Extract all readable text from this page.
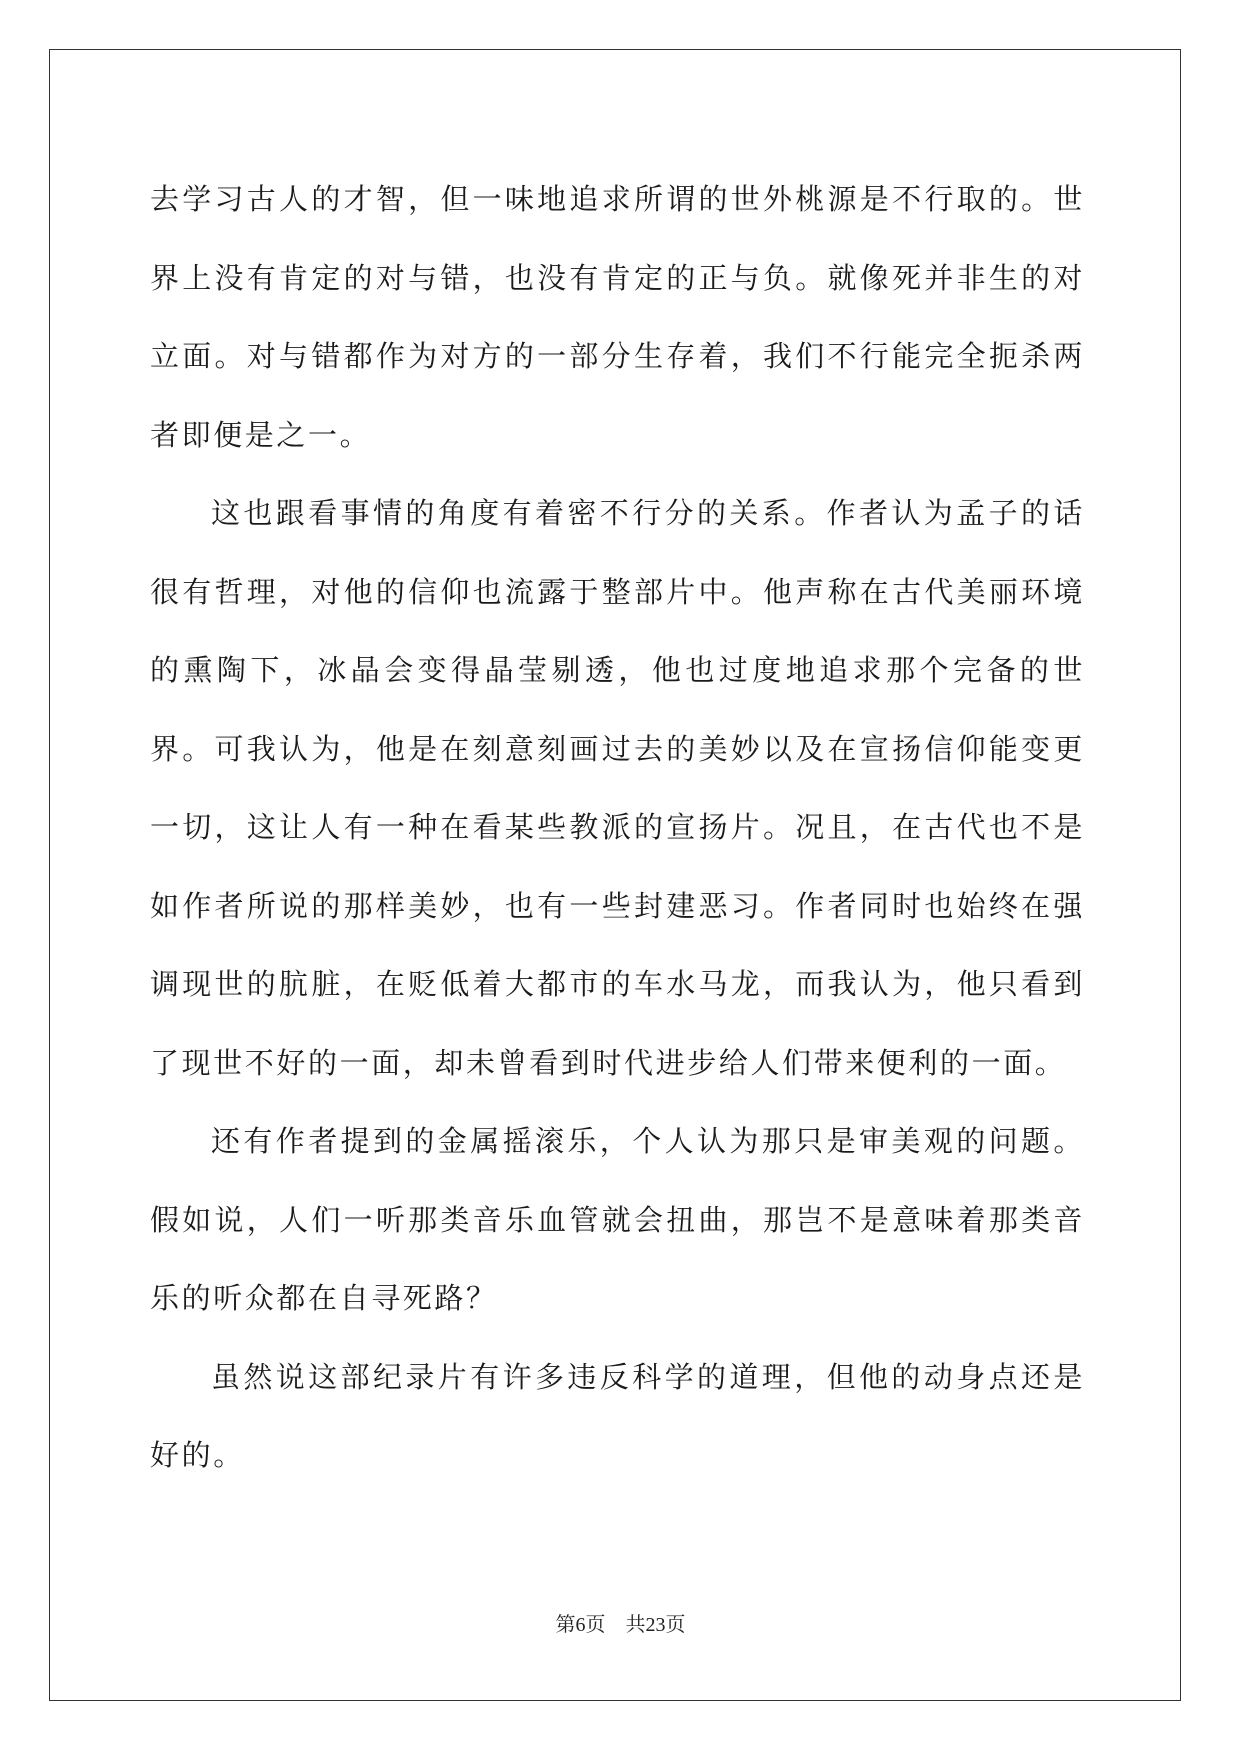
去学习古人的才智，但一味地追求所谓的世外桃源是不行取的。世界上没有肯定的对与错，也没有肯定的正与负。就像死并非生的对立面。对与错都作为对方的一部分生存着，我们不行能完全扼杀两者即便是之一。

这也跟看事情的角度有着密不行分的关系。作者认为孟子的话很有哲理，对他的信仰也流露于整部片中。他声称在古代美丽环境的熏陶下，冰晶会变得晶莹剔透，他也过度地追求那个完备的世界。可我认为，他是在刻意刻画过去的美妙以及在宣扬信仰能变更一切，这让人有一种在看某些教派的宣扬片。况且，在古代也不是如作者所说的那样美妙，也有一些封建恶习。作者同时也始终在强调现世的肮脏，在贬低着大都市的车水马龙，而我认为，他只看到了现世不好的一面，却未曾看到时代进步给人们带来便利的一面。

还有作者提到的金属摇滚乐，个人认为那只是审美观的问题。假如说，人们一听那类音乐血管就会扭曲，那岂不是意味着那类音乐的听众都在自寻死路？

虽然说这部纪录片有许多违反科学的道理，但他的动身点还是好的。

第6页 共23页
